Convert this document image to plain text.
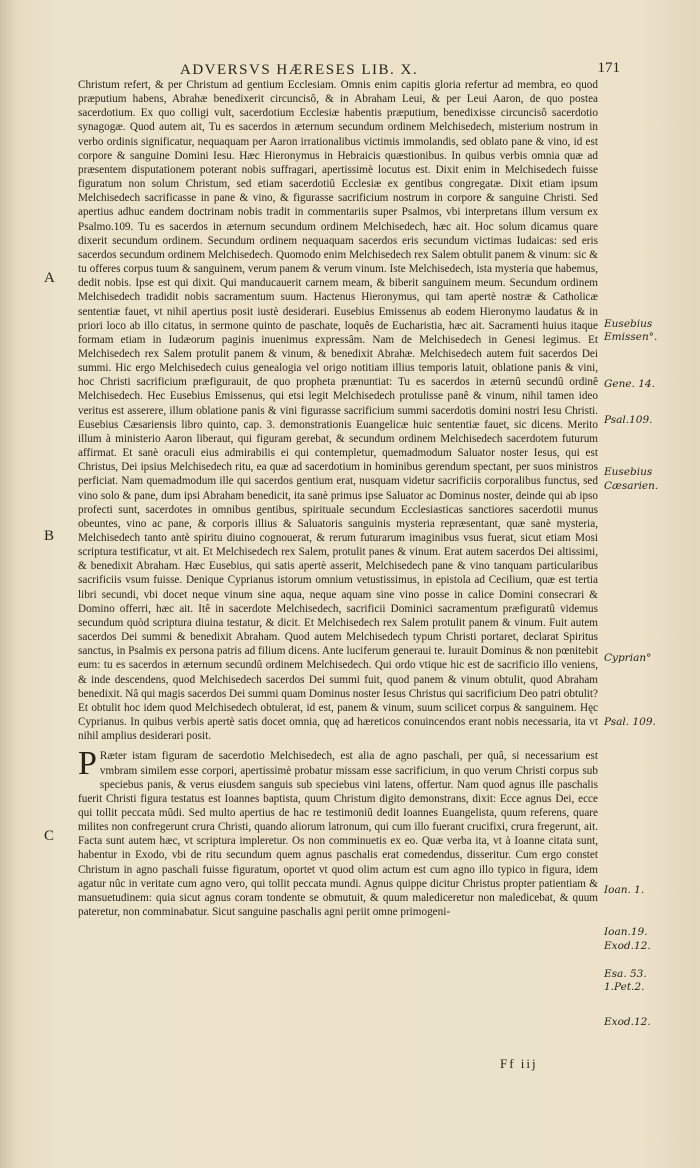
ADVERSVS HÆRESES LIB. X.	171
A
B
C

Christum refert, & per Christum ad gentium Ecclesiam. Omnis enim capitis gloria refertur ad membra, eo quod præputium habens, Abrahæ benedixerit circuncisô, & in Abraham Leui, & per Leui Aaron, de quo postea sacerdotium. Ex quo colligi vult, sacerdotium Ecclesiæ habentis præputium, benedixisse circuncisô sacerdotio synagogæ. Quod autem ait, Tu es sacerdos in æternum secundum ordinem Melchisedech, misterium nostrum in verbo ordinis significatur, nequaquam per Aaron irrationalibus victimis immolandis, sed oblato pane & vino, id est corpore & sanguine Domini Iesu. Hæc Hieronymus in Hebraicis quæstionibus. In quibus verbis omnia quæ ad præsentem disputationem poterant nobis suffragari, apertissimè locutus est. Dixit enim in Melchisedech fuisse figuratum non solum Christum, sed etiam sacerdotiû Ecclesiæ ex gentibus congregatæ. Dixit etiam ipsum Melchisedech sacrificasse in pane & vino, & figurasse sacrificium nostrum in corpore & sanguine Christi. Sed apertius adhuc eandem doctrinam nobis tradit in commentariis super Psalmos, vbi interpretans illum versum ex Psalmo.109. Tu es sacerdos in æternum secundum ordinem Melchisedech, hæc ait. Hoc solum dicamus quare dixerit secundum ordinem. Secundum ordinem nequaquam sacerdos eris secundum victimas Iudaicas: sed eris sacerdos secundum ordinem Melchisedech. Quomodo enim Melchisedech rex Salem obtulit panem & vinum: sic & tu offeres corpus tuum & sanguinem, verum panem & verum vinum. Iste Melchisedech, ista mysteria que habemus, dedit nobis. Ipse est qui dixit. Qui manducauerit carnem meam, & biberit sanguinem meum. Secundum ordinem Melchisedech tradidit nobis sacramentum suum. Hactenus Hieronymus, qui tam apertè nostræ & Catholicæ sententiæ fauet, vt nihil apertius posit iustè desiderari. Eusebius Emissenus ab eodem Hieronymo laudatus & in priori loco ab illo citatus, in sermone quinto de paschate, loquês de Eucharistia, hæc ait. Sacramenti huius itaque formam etiam in Iudæorum paginis inuenimus expressâm. Nam de Melchisedech in Genesi legimus. Et Melchisedech rex Salem protulit panem & vinum, & benedixit Abrahæ. Melchisedech autem fuit sacerdos Dei summi. Hic ergo Melchisedech cuius genealogia vel origo notitiam illius temporis latuit, oblatione panis & vini, hoc Christi sacrificium præfigurauit, de quo propheta prænuntiat: Tu es sacerdos in æternû secundû ordinê Melchisedech. Hec Eusebius Emissenus, qui etsi legit Melchisedech protulisse panê & vinum, nihil tamen ideo veritus est asserere, illum oblatione panis & vini figurasse sacrificium summi sacerdotis domini nostri Iesu Christi. Eusebius Cæsariensis libro quinto, cap. 3. demonstrationis Euangelicæ huic sententiæ fauet, sic dicens. Merito illum à ministerio Aaron liberaut, qui figuram gerebat, & secundum ordinem Melchisedech sacerdotem futurum affirmat. Et sanè oraculi eius admirabilis ei qui contempletur, quemadmodum Saluator noster Iesus, qui est Christus, Dei ipsius Melchisedech ritu, ea quæ ad sacerdotium in hominibus gerendum spectant, per suos ministros perficiat. Nam quemadmodum ille qui sacerdos gentium erat, nusquam videtur sacrificiis corporalibus functus, sed vino solo & pane, dum ipsi Abraham benedicit, ita sanè primus ipse Saluator ac Dominus noster, deinde qui ab ipso profecti sunt, sacerdotes in omnibus gentibus, spirituale secundum Ecclesiasticas sanctiores sacerdotii munus obeuntes, vino ac pane, & corporis illius & Saluatoris sanguinis mysteria repræsentant, quæ sanè mysteria, Melchisedech tanto antè spiritu diuino cognouerat, & rerum futurarum imaginibus vsus fuerat, sicut etiam Mosi scriptura testificatur, vt ait. Et Melchisedech rex Salem, protulit panes & vinum. Erat autem sacerdos Dei altissimi, & benedixit Abraham. Hæc Eusebius, qui satis apertè asserit, Melchisedech pane & vino tanquam particularibus sacrificiis vsum fuisse. Denique Cyprianus istorum omnium vetustissimus, in epistola ad Cecilium, quæ est tertia libri secundi, vbi docet neque vinum sine aqua, neque aquam sine vino posse in calice Domini consecrari & Domino offerri, hæc ait. Itê in sacerdote Melchisedech, sacrificii Dominici sacramentum præfiguratû videmus secundum quòd scriptura diuina testatur, & dicit. Et Melchisedech rex Salem protulit panem & vinum. Fuit autem sacerdos Dei summi & benedixit Abraham. Quod autem Melchisedech typum Christi portaret, declarat Spiritus sanctus, in Psalmis ex persona patris ad filium dicens. Ante luciferum generaui te. Iurauit Dominus & non pœnitebit eum: tu es sacerdos in æternum secundû ordinem Melchisedech. Qui ordo vtique hic est de sacrificio illo veniens, & inde descendens, quod Melchisedech sacerdos Dei summi fuit, quod panem & vinum obtulit, quod Abraham benedixit. Nâ qui magis sacerdos Dei summi quam Dominus noster Iesus Christus qui sacrificium Deo patri obtulit? Et obtulit hoc idem quod Melchisedech obtulerat, id est, panem & vinum, suum scilicet corpus & sanguinem. Hęc Cyprianus. In quibus verbis apertè satis docet omnia, quę ad hæreticos conuincendos erant nobis necessaria, ita vt nihil amplius desiderari posit.

P Ræter istam figuram de sacerdotio Melchisedech, est alia de agno paschali, per quâ, si necessarium est vmbram similem esse corpori, apertissimè probatur missam esse sacrificium, in quo verum Christi corpus sub speciebus panis, & verus eiusdem sanguis sub speciebus vini latens, offertur. Nam quod agnus ille paschalis fuerit Christi figura testatus est Ioannes baptista, quum Christum digito demonstrans, dixit: Ecce agnus Dei, ecce qui tollit peccata mûdi. Sed multo apertius de hac re testimoniû dedit Ioannes Euangelista, quum referens, quare milites non confregerunt crura Christi, quando aliorum latronum, qui cum illo fuerant crucifixi, crura fregerunt, ait. Facta sunt autem hæc, vt scriptura impleretur. Os non comminuetis ex eo. Quæ verba ita, vt à Ioanne citata sunt, habentur in Exodo, vbi de ritu secundum quem agnus paschalis erat comedendus, disseritur. Cum ergo constet Christum in agno paschali fuisse figuratum, oportet vt quod olim actum est cum agno illo typico in figura, idem agatur nûc in veritate cum agno vero, qui tollit peccata mundi. Agnus quippe dicitur Christus propter patientiam & mansuetudinem: quia sicut agnus coram tondente se obmutuit, & quum malediceretur non maledicebat, & quum pateretur, non comminabatur. Sicut sanguine paschalis agni periit omne primogeni-

Eusebius
Emissen°.
Gene. 14.
Psal.109.
Eusebius
Cæsarien.
Cyprian°
Psal. 109.
Ioan. 1.
Ioan.19.
Exod.12.
Esa. 53.
1.Pet.2.
Exod.12.
Ff iij
